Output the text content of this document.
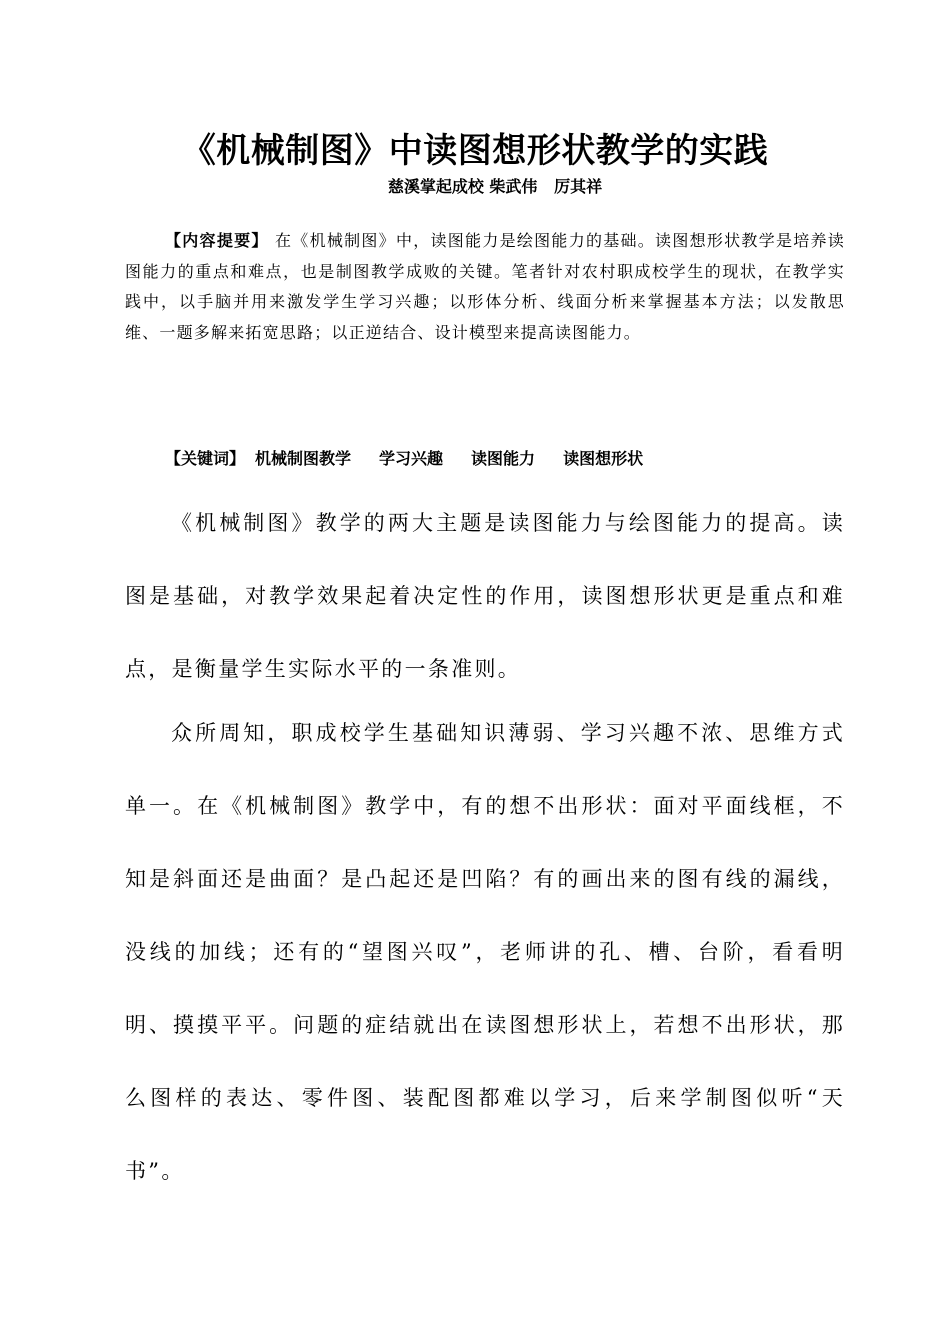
《机械制图》中读图想形状教学的实践
慈溪掌起成校 柴武伟 厉其祥
【内容提要】 在《机械制图》中，读图能力是绘图能力的基础。读图想形状教学是培养读图能力的重点和难点，也是制图教学成败的关键。笔者针对农村职成校学生的现状，在教学实践中，以手脑并用来激发学生学习兴趣；以形体分析、线面分析来掌握基本方法；以发散思维、一题多解来拓宽思路；以正逆结合、设计模型来提高读图能力。
【关键词】 机械制图教学 学习兴趣 读图能力 读图想形状
《机械制图》教学的两大主题是读图能力与绘图能力的提高。读图是基础，对教学效果起着决定性的作用，读图想形状更是重点和难点，是衡量学生实际水平的一条准则。
众所周知，职成校学生基础知识薄弱、学习兴趣不浓、思维方式单一。在《机械制图》教学中，有的想不出形状：面对平面线框，不知是斜面还是曲面？是凸起还是凹陷？有的画出来的图有线的漏线，没线的加线；还有的“望图兴叹”，老师讲的孔、槽、台阶，看看明明、摸摸平平。问题的症结就出在读图想形状上，若想不出形状，那么图样的表达、零件图、装配图都难以学习，后来学制图似听“天书”。
